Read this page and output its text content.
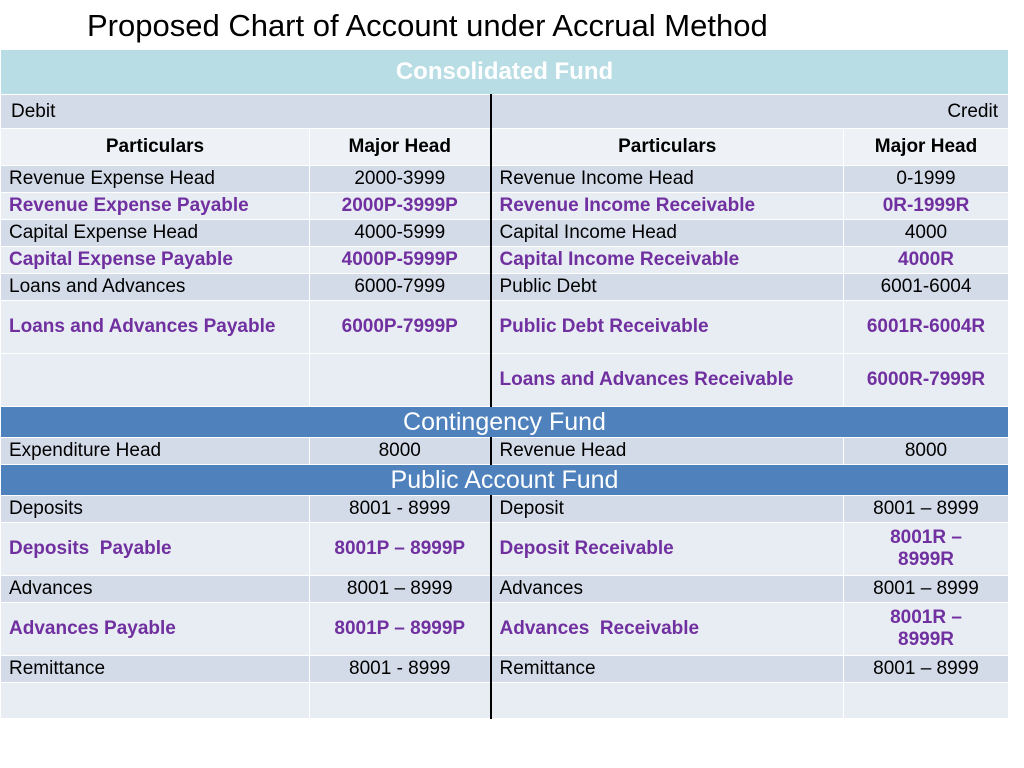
Proposed Chart of Account under Accrual Method
Consolidated Fund			
Debit		Credit	
Particulars	Major Head	Particulars	Major Head
Revenue Expense Head	2000-3999	Revenue Income Head	0-1999
Revenue Expense Payable	2000P-3999P	Revenue Income Receivable	0R-1999R
Capital Expense Head	4000-5999	Capital Income Head	4000
Capital Expense Payable	4000P-5999P	Capital Income Receivable	4000R
Loans and Advances	6000-7999	Public Debt	6001-6004
Loans and Advances Payable	6000P-7999P	Public Debt Receivable	6001R-6004R
		Loans and Advances Receivable	6000R-7999R
Contingency Fund			
Expenditure Head	8000	Revenue Head	8000
Public Account Fund			
Deposits	8001 - 8999	Deposit	8001 – 8999
Deposits  Payable	8001P – 8999P	Deposit Receivable	8001R – 8999R
Advances	8001 – 8999	Advances	8001 – 8999
Advances Payable	8001P – 8999P	Advances  Receivable	8001R – 8999R
Remittance	8001 - 8999	Remittance	8001 – 8999
